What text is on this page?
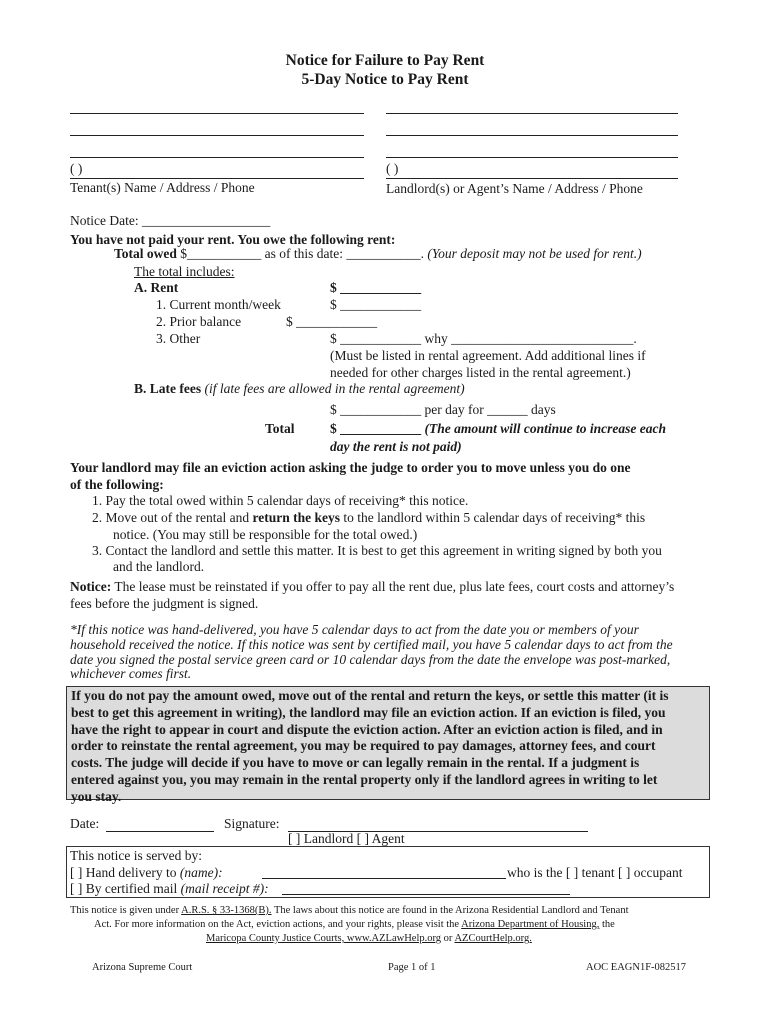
Notice for Failure to Pay Rent
5-Day Notice to Pay Rent
( )	( )
Tenant(s) Name / Address / Phone	Landlord(s) or Agent’s Name / Address / Phone
Notice Date: ___________________
You have not paid your rent. You owe the following rent:
Total owed $___________ as of this date: ___________. (Your deposit may not be used for rent.)
The total includes:
A. Rent	$ ____________
1. Current month/week	$ ____________
2. Prior balance	$ ____________
3. Other	$ ____________ why ___________________________.
(Must be listed in rental agreement. Add additional lines if
needed for other charges listed in the rental agreement.)
B. Late fees (if late fees are allowed in the rental agreement)
$ ____________ per day for ______ days
Total	$ ____________ (The amount will continue to increase each
day the rent is not paid)
Your landlord may file an eviction action asking the judge to order you to move unless you do one
of the following:
1. Pay the total owed within 5 calendar days of receiving* this notice.
2. Move out of the rental and return the keys to the landlord within 5 calendar days of receiving* this
notice. (You may still be responsible for the total owed.)
3. Contact the landlord and settle this matter. It is best to get this agreement in writing signed by both you
and the landlord.
Notice: The lease must be reinstated if you offer to pay all the rent due, plus late fees, court costs and attorney’s
fees before the judgment is signed.
*If this notice was hand-delivered, you have 5 calendar days to act from the date you or members of your
household received the notice. If this notice was sent by certified mail, you have 5 calendar days to act from the
date you signed the postal service green card or 10 calendar days from the date the envelope was post-marked,
whichever comes first.
If you do not pay the amount owed, move out of the rental and return the keys, or settle this matter (it is
best to get this agreement in writing), the landlord may file an eviction action. If an eviction is filed, you
have the right to appear in court and dispute the eviction action. After an eviction action is filed, and in
order to reinstate the rental agreement, you may be required to pay damages, attorney fees, and court
costs. The judge will decide if you have to move or can legally remain in the rental. If a judgment is
entered against you, you may remain in the rental property only if the landlord agrees in writing to let
you stay.
Date:	Signature:
[ ] Landlord [ ] Agent
This notice is served by:
[ ] Hand delivery to (name):	who is the [ ] tenant [ ] occupant
[ ] By certified mail (mail receipt #):
This notice is given under A.R.S. § 33-1368(B). The laws about this notice are found in the Arizona Residential Landlord and Tenant
Act. For more information on the Act, eviction actions, and your rights, please visit the Arizona Department of Housing, the
Maricopa County Justice Courts, www.AZLawHelp.org or AZCourtHelp.org.
Arizona Supreme Court	Page 1 of 1	AOC EAGN1F-082517
